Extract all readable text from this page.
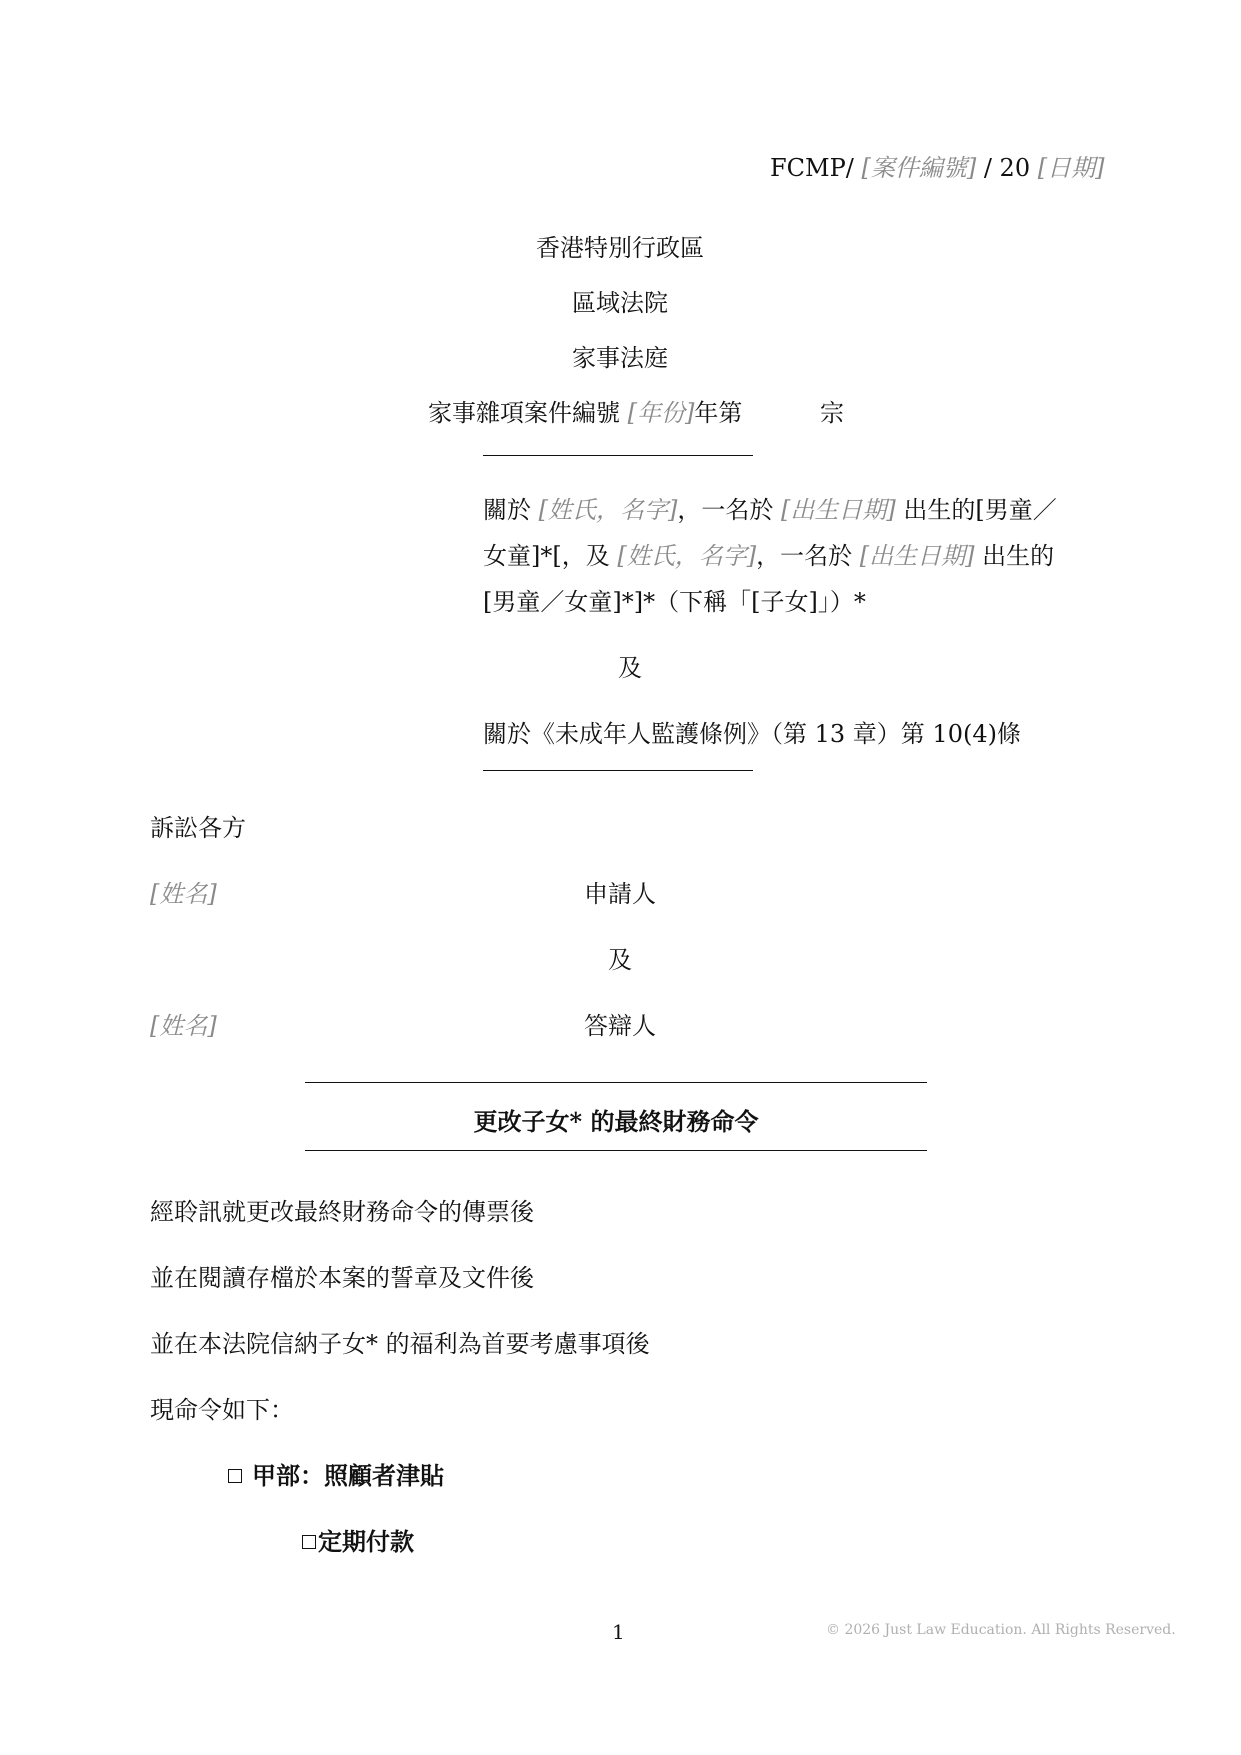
FCMP/ [案件編號] / 20 [日期]
香港特別行政區
區域法院
家事法庭
家事雜項案件編號 [年份]年第	宗
關於 [姓氏，名字]，一名於 [出生日期] 出生的[男童／
女童]*[，及 [姓氏，名字]，一名於 [出生日期] 出生的
[男童／女童]*]*（下稱「[子女]」）*
及
關於《未成年人監護條例》（第 13 章）第 10(4)條
訴訟各方
[姓名]	申請人
及
[姓名]	答辯人
更改子女* 的最終財務命令
經聆訊就更改最終財務命令的傳票後
並在閱讀存檔於本案的誓章及文件後
並在本法院信納子女* 的福利為首要考慮事項後
現命令如下：
甲部：照顧者津貼
定期付款
1	© 2026 Just Law Education. All Rights Reserved.
